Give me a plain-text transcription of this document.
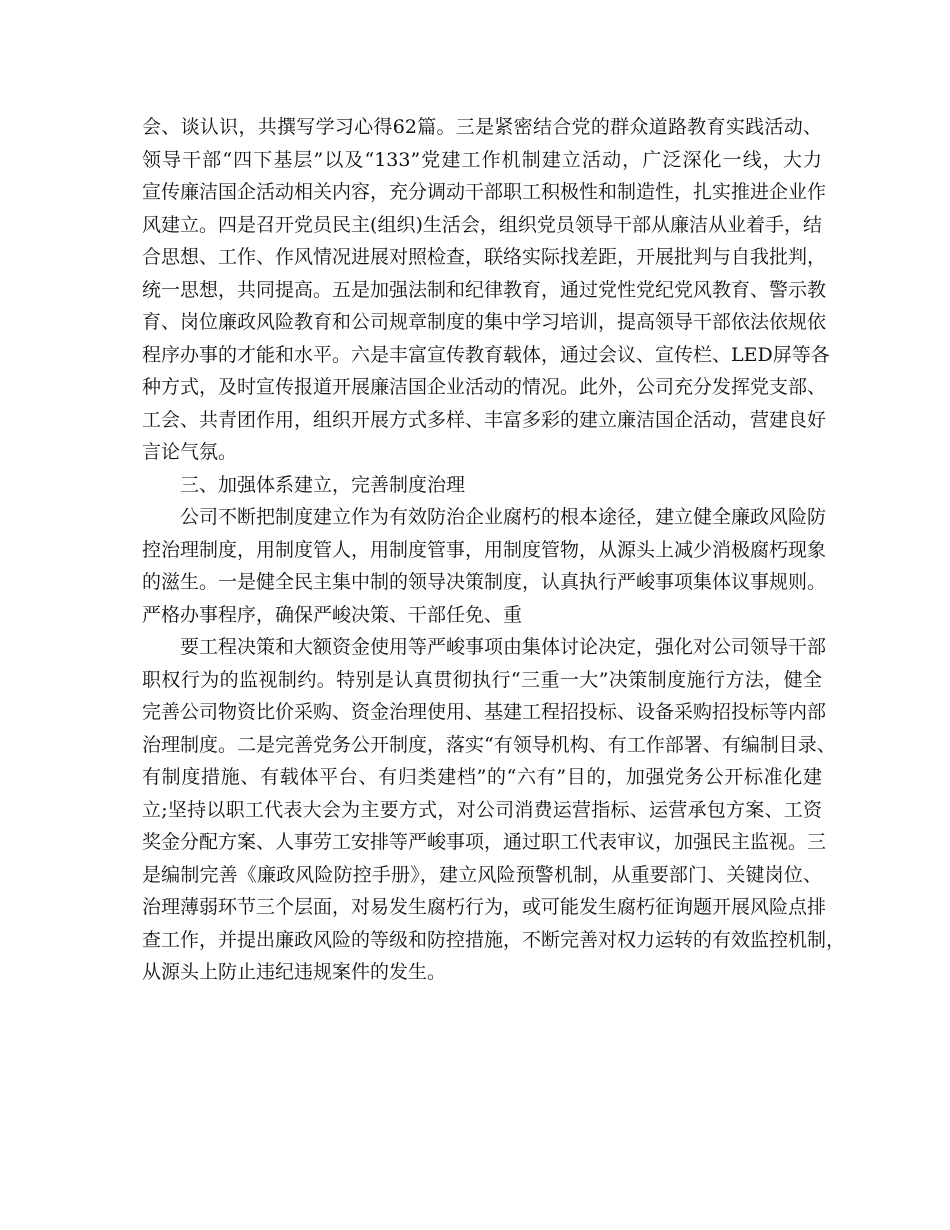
会、谈认识，共撰写学习心得62篇。三是紧密结合党的群众道路教育实践活动、
领导干部“四下基层”以及“133”党建工作机制建立活动，广泛深化一线，大力
宣传廉洁国企活动相关内容，充分调动干部职工积极性和制造性，扎实推进企业作
风建立。四是召开党员民主(组织)生活会，组织党员领导干部从廉洁从业着手，结
合思想、工作、作风情况进展对照检查，联络实际找差距，开展批判与自我批判，
统一思想，共同提高。五是加强法制和纪律教育，通过党性党纪党风教育、警示教
育、岗位廉政风险教育和公司规章制度的集中学习培训，提高领导干部依法依规依
程序办事的才能和水平。六是丰富宣传教育载体，通过会议、宣传栏、LED屏等各
种方式，及时宣传报道开展廉洁国企业活动的情况。此外，公司充分发挥党支部、
工会、共青团作用，组织开展方式多样、丰富多彩的建立廉洁国企活动，营建良好
言论气氛。
三、加强体系建立，完善制度治理
公司不断把制度建立作为有效防治企业腐朽的根本途径，建立健全廉政风险防
控治理制度，用制度管人，用制度管事，用制度管物，从源头上减少消极腐朽现象
的滋生。一是健全民主集中制的领导决策制度，认真执行严峻事项集体议事规则。
严格办事程序，确保严峻决策、干部任免、重
要工程决策和大额资金使用等严峻事项由集体讨论决定，强化对公司领导干部
职权行为的监视制约。特别是认真贯彻执行“三重一大”决策制度施行方法，健全
完善公司物资比价采购、资金治理使用、基建工程招投标、设备采购招投标等内部
治理制度。二是完善党务公开制度，落实“有领导机构、有工作部署、有编制目录、
有制度措施、有载体平台、有归类建档”的“六有”目的，加强党务公开标准化建
立;坚持以职工代表大会为主要方式，对公司消费运营指标、运营承包方案、工资
奖金分配方案、人事劳工安排等严峻事项，通过职工代表审议，加强民主监视。三
是编制完善《廉政风险防控手册》，建立风险预警机制，从重要部门、关键岗位、
治理薄弱环节三个层面，对易发生腐朽行为，或可能发生腐朽征询题开展风险点排
查工作，并提出廉政风险的等级和防控措施，不断完善对权力运转的有效监控机制，
从源头上防止违纪违规案件的发生。
